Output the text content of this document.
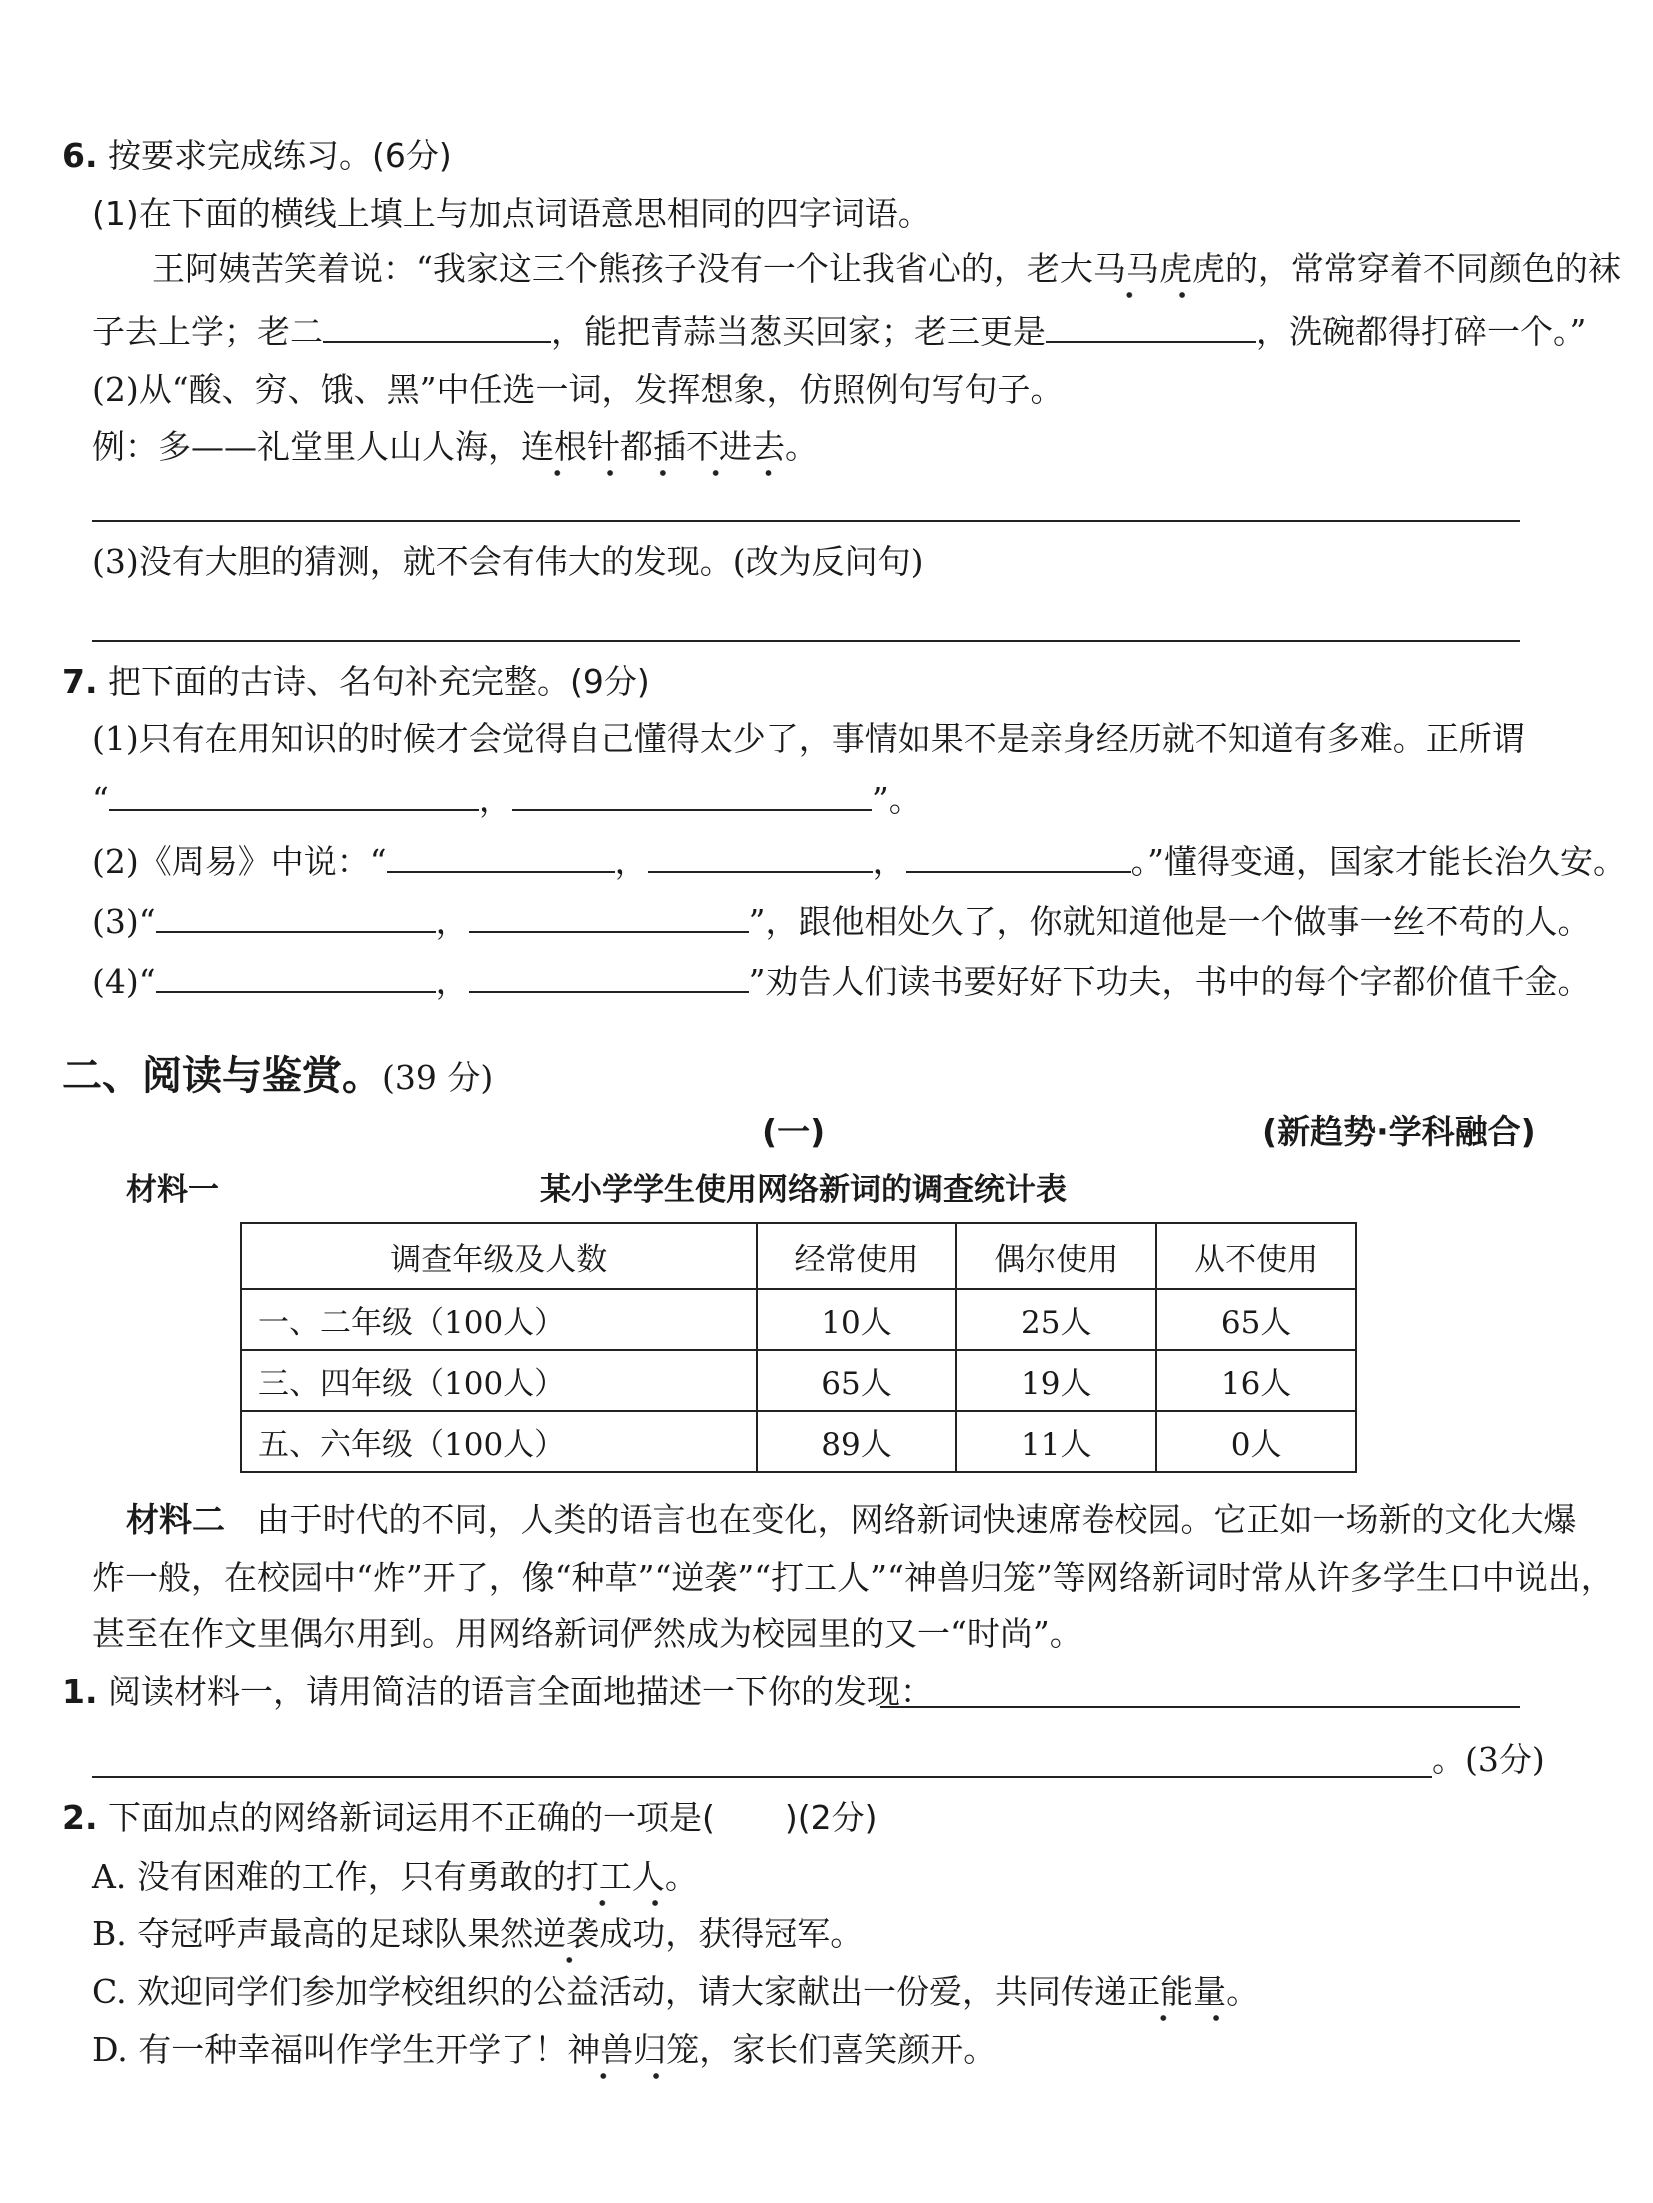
6. 按要求完成练习。(6分)
(1)在下面的横线上填上与加点词语意思相同的四字词语。
王阿姨苦笑着说：“我家这三个熊孩子没有一个让我省心的，老大马马虎虎的，常常穿着不同颜色的袜
子去上学；老二	，能把青蒜当葱买回家；老三更是	，洗碗都得打碎一个。”
(2)从“酸、穷、饿、黑”中任选一词，发挥想象，仿照例句写句子。
例：多——礼堂里人山人海，连根针都插不进去。
(3)没有大胆的猜测，就不会有伟大的发现。(改为反问句)
7. 把下面的古诗、名句补充完整。(9分)
(1)只有在用知识的时候才会觉得自己懂得太少了，事情如果不是亲身经历就不知道有多难。正所谓
“	，	”。
(2)《周易》中说：“	，	，	。”懂得变通，国家才能长治久安。
(3)“	，	”，跟他相处久了，你就知道他是一个做事一丝不苟的人。
(4)“	，	”劝告人们读书要好好下功夫，书中的每个字都价值千金。
二、阅读与鉴赏。(39 分)
(一)	(新趋势·学科融合)
材料一	某小学学生使用网络新词的调查统计表
调查年级及人数	经常使用	偶尔使用	从不使用
一、二年级（100人）	10人	25人	65人
三、四年级（100人）	65人	19人	16人
五、六年级（100人）	89人	11人	0人
材料二 由于时代的不同，人类的语言也在变化，网络新词快速席卷校园。它正如一场新的文化大爆
炸一般，在校园中“炸”开了，像“种草”“逆袭”“打工人”“神兽归笼”等网络新词时常从许多学生口中说出，
甚至在作文里偶尔用到。用网络新词俨然成为校园里的又一“时尚”。
1. 阅读材料一，请用简洁的语言全面地描述一下你的发现：
。(3分)
2. 下面加点的网络新词运用不正确的一项是( )(2分)
A. 没有困难的工作，只有勇敢的打工人。
B. 夺冠呼声最高的足球队果然逆袭成功，获得冠军。
C. 欢迎同学们参加学校组织的公益活动，请大家献出一份爱，共同传递正能量。
D. 有一种幸福叫作学生开学了！神兽归笼，家长们喜笑颜开。
